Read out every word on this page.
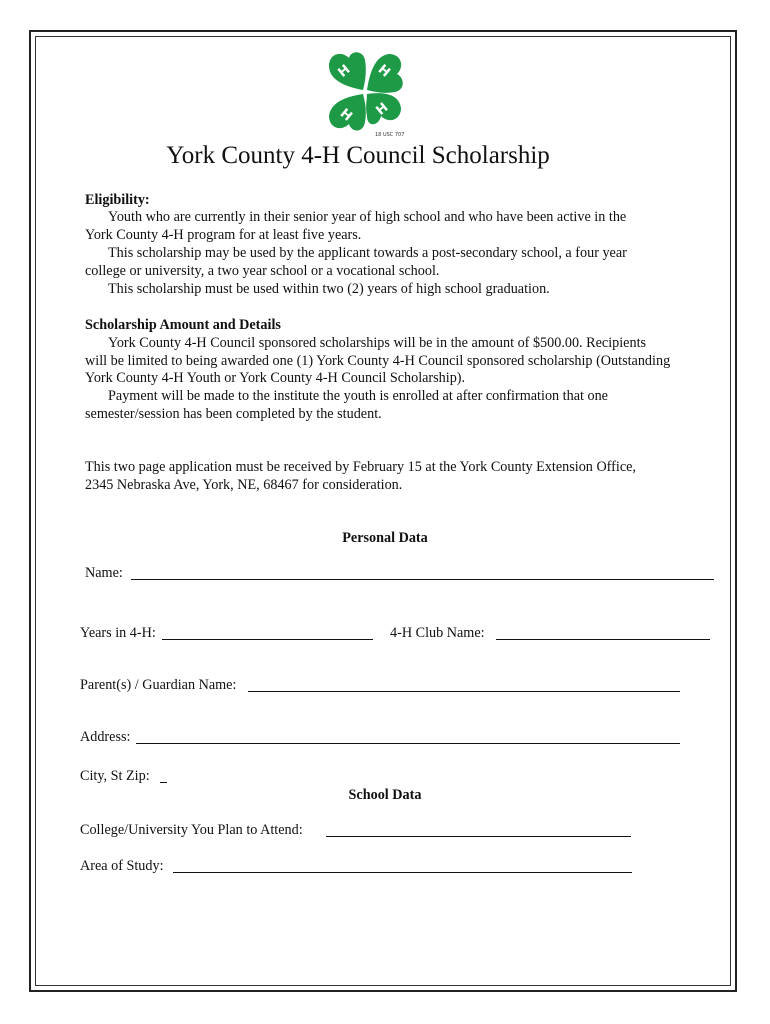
H H
H H
18 USC 707
York County 4-H Council Scholarship
Eligibility:
Youth who are currently in their senior year of high school and who have been active in the
York County 4-H program for at least five years.
This scholarship may be used by the applicant towards a post-secondary school, a four year
college or university, a two year school or a vocational school.
This scholarship must be used within two (2) years of high school graduation.
Scholarship Amount and Details
York County 4-H Council sponsored scholarships will be in the amount of $500.00. Recipients
will be limited to being awarded one (1) York County 4-H Council sponsored scholarship (Outstanding
York County 4-H Youth or York County 4-H Council Scholarship).
Payment will be made to the institute the youth is enrolled at after confirmation that one
semester/session has been completed by the student.
This two page application must be received by February 15 at the York County Extension Office,
2345 Nebraska Ave, York, NE, 68467 for consideration.
Personal Data
Name:
Years in 4-H:	4-H Club Name:
Parent(s) / Guardian Name:
Address:
City, St Zip:
School Data
College/University You Plan to Attend:
Area of Study:
